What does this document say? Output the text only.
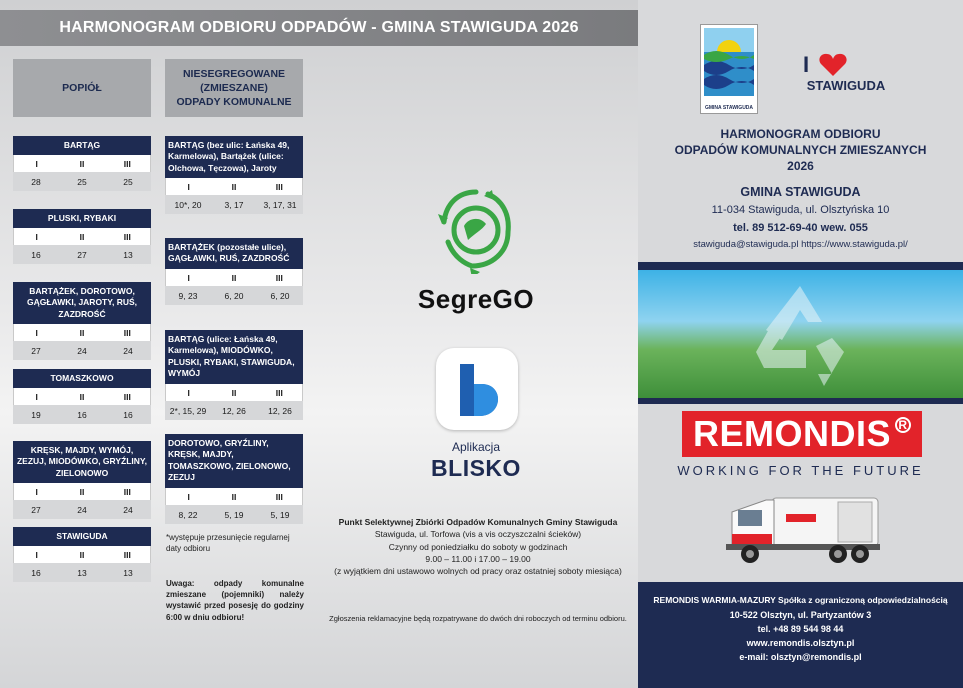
HARMONOGRAM ODBIORU ODPADÓW - GMINA STAWIGUDA 2026
POPIÓŁ
NIESEGREGOWANE
(ZMIESZANE)
ODPADY KOMUNALNE
BARTĄG
I	II	III
28	25	25
PLUSKI, RYBAKI
I	II	III
16	27	13
BARTĄŻEK, DOROTOWO, GĄGŁAWKI, JAROTY, RUŚ, ZAZDROŚĆ
I	II	III
27	24	24
TOMASZKOWO
I	II	III
19	16	16
KRĘSK, MAJDY, WYMÓJ, ZEZUJ, MIODÓWKO, GRYŹLINY, ZIELONOWO
I	II	III
27	24	24
STAWIGUDA
I	II	III
16	13	13
BARTĄG (bez ulic: Łańska 49, Karmelowa), Bartążek (ulice: Olchowa, Tęczowa), Jaroty
I	II	III
10*, 20	3, 17	3, 17, 31
BARTĄŻEK (pozostałe ulice), GĄGŁAWKI, RUŚ, ZAZDROŚĆ
I	II	III
9, 23	6, 20	6, 20
BARTĄG (ulice: Łańska 49, Karmelowa), MIODÓWKO, PLUSKI, RYBAKI, STAWIGUDA, WYMÓJ
I	II	III
2*, 15, 29	12, 26	12, 26
DOROTOWO, GRYŹLINY, KRĘSK, MAJDY, TOMASZKOWO, ZIELONOWO, ZEZUJ
I	II	III
8, 22	5, 19	5, 19
*występuje przesunięcie regularnej daty odbioru
Uwaga: odpady komunalne zmieszane (pojemniki) należy wystawić przed posesję do godziny 6:00 w dniu odbioru!
SegreGO
Aplikacja
BLISKO
Punkt Selektywnej Zbiórki Odpadów Komunalnych Gminy Stawiguda
Stawiguda, ul. Torfowa (vis a vis oczyszczalni ścieków)
Czynny od poniedziałku do soboty w godzinach
9.00 – 11.00 i 17.00 – 19.00
(z wyjątkiem dni ustawowo wolnych od pracy oraz ostatniej soboty miesiąca)
Zgłoszenia reklamacyjne będą rozpatrywane do dwóch dni roboczych od terminu odbioru.
GMINA STAWIGUDA
I
STAWIGUDA
HARMONOGRAM ODBIORU
ODPADÓW KOMUNALNYCH ZMIESZANYCH
2026
GMINA STAWIGUDA
11-034 Stawiguda, ul. Olsztyńska 10
tel. 89 512-69-40 wew. 055
stawiguda@stawiguda.pl https://www.stawiguda.pl/
REMONDIS R
WORKING FOR THE FUTURE
REMONDIS WARMIA-MAZURY Spółka z ograniczoną odpowiedzialnością
10-522 Olsztyn, ul. Partyzantów 3
tel. +48 89 544 98 44
www.remondis.olsztyn.pl
e-mail: olsztyn@remondis.pl
